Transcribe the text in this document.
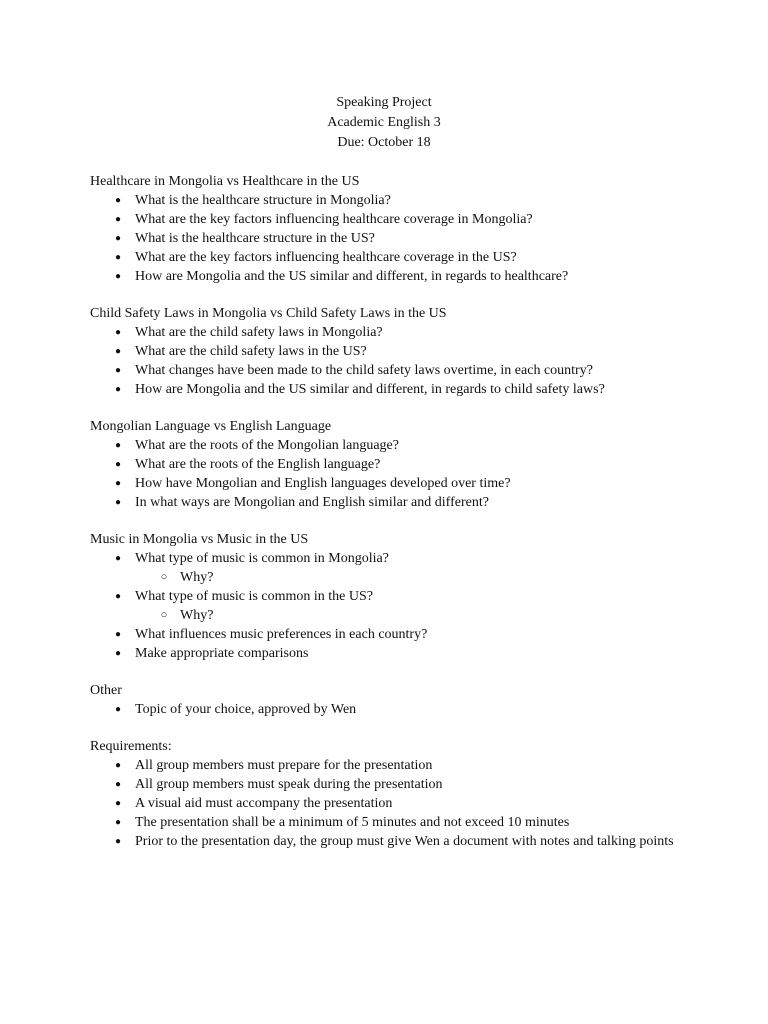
Speaking Project
Academic English 3
Due: October 18
Healthcare in Mongolia vs Healthcare in the US
● What is the healthcare structure in Mongolia?
● What are the key factors influencing healthcare coverage in Mongolia?
● What is the healthcare structure in the US?
● What are the key factors influencing healthcare coverage in the US?
● How are Mongolia and the US similar and different, in regards to healthcare?
Child Safety Laws in Mongolia vs Child Safety Laws in the US
● What are the child safety laws in Mongolia?
● What are the child safety laws in the US?
● What changes have been made to the child safety laws overtime, in each country?
● How are Mongolia and the US similar and different, in regards to child safety laws?
Mongolian Language vs English Language
● What are the roots of the Mongolian language?
● What are the roots of the English language?
● How have Mongolian and English languages developed over time?
● In what ways are Mongolian and English similar and different?
Music in Mongolia vs Music in the US
● What type of music is common in Mongolia?
○ Why?
● What type of music is common in the US?
○ Why?
● What influences music preferences in each country?
● Make appropriate comparisons
Other
● Topic of your choice, approved by Wen
Requirements:
● All group members must prepare for the presentation
● All group members must speak during the presentation
● A visual aid must accompany the presentation
● The presentation shall be a minimum of 5 minutes and not exceed 10 minutes
● Prior to the presentation day, the group must give Wen a document with notes and talking points
